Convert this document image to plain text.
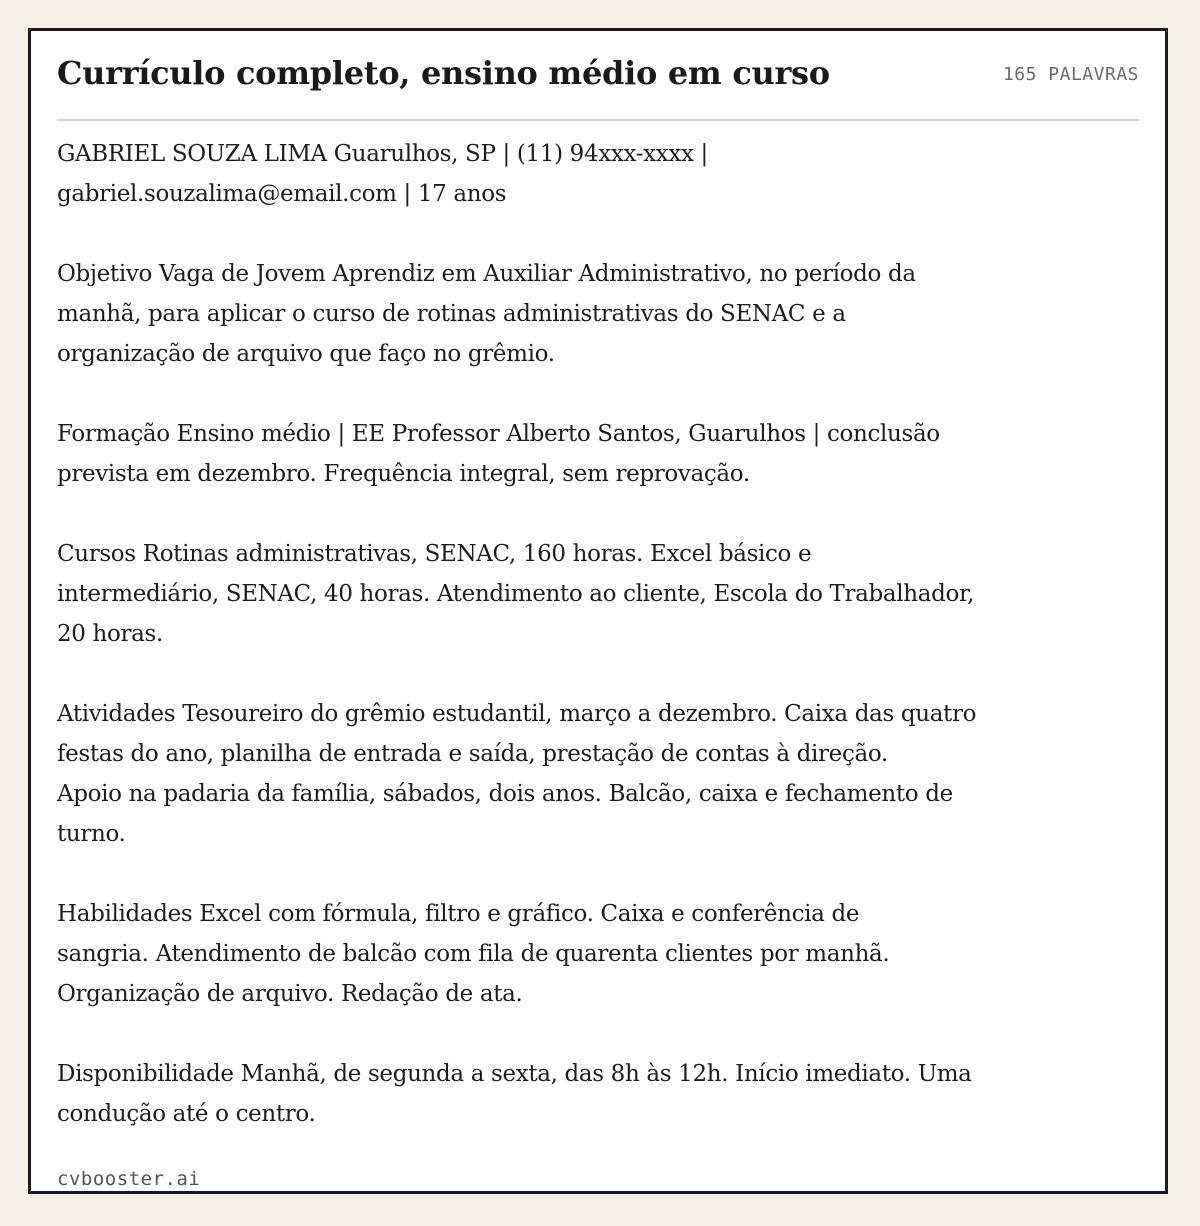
Currículo completo, ensino médio em curso	165 PALAVRAS
GABRIEL SOUZA LIMA Guarulhos, SP | (11) 94xxx-xxxx |
gabriel.souzalima@email.com | 17 anos

Objetivo Vaga de Jovem Aprendiz em Auxiliar Administrativo, no período da
manhã, para aplicar o curso de rotinas administrativas do SENAC e a
organização de arquivo que faço no grêmio.

Formação Ensino médio | EE Professor Alberto Santos, Guarulhos | conclusão
prevista em dezembro. Frequência integral, sem reprovação.

Cursos Rotinas administrativas, SENAC, 160 horas. Excel básico e
intermediário, SENAC, 40 horas. Atendimento ao cliente, Escola do Trabalhador,
20 horas.

Atividades Tesoureiro do grêmio estudantil, março a dezembro. Caixa das quatro
festas do ano, planilha de entrada e saída, prestação de contas à direção.
Apoio na padaria da família, sábados, dois anos. Balcão, caixa e fechamento de
turno.

Habilidades Excel com fórmula, filtro e gráfico. Caixa e conferência de
sangria. Atendimento de balcão com fila de quarenta clientes por manhã.
Organização de arquivo. Redação de ata.

Disponibilidade Manhã, de segunda a sexta, das 8h às 12h. Início imediato. Uma
condução até o centro.
cvbooster.ai
